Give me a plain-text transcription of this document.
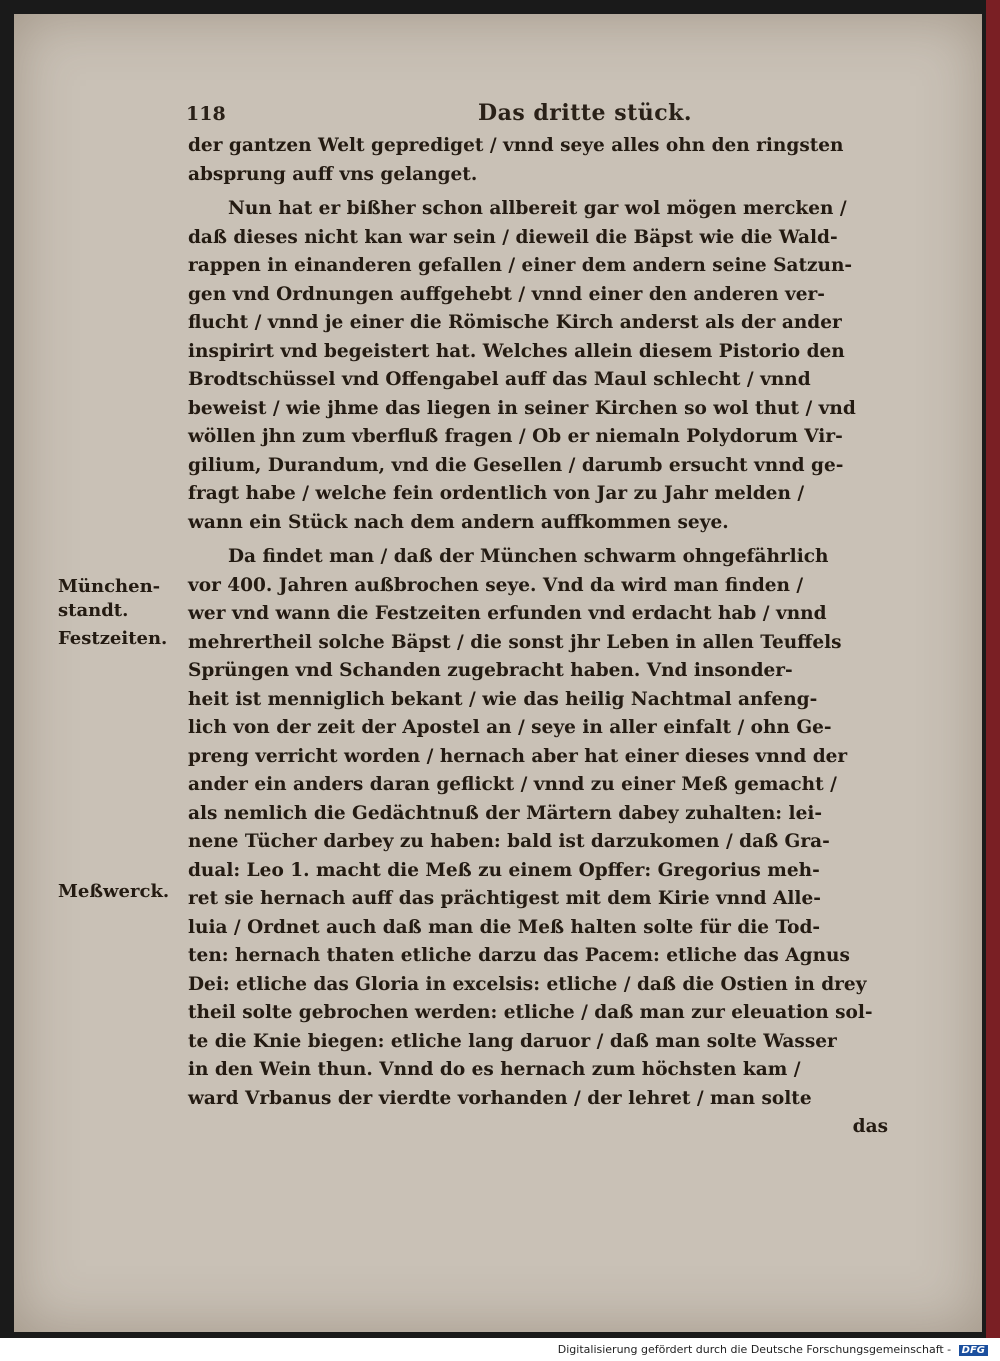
118	Das dritte stück.
der gantzen Welt geprediget / vnnd seye alles ohn den ringsten
absprung auff vns gelanget.
Nun hat er bißher schon allbereit gar wol mögen mercken /
daß dieses nicht kan war sein / dieweil die Bäpst wie die Wald-
rappen in einanderen gefallen / einer dem andern seine Satzun-
gen vnd Ordnungen auffgehebt / vnnd einer den anderen ver-
flucht / vnnd je einer die Römische Kirch anderst als der ander
inspirirt vnd begeistert hat. Welches allein diesem Pistorio den
Brodtschüssel vnd Offengabel auff das Maul schlecht / vnnd
beweist / wie jhme das liegen in seiner Kirchen so wol thut / vnd
wöllen jhn zum vberfluß fragen / Ob er niemaln Polydorum Vir-
gilium, Durandum, vnd die Gesellen / darumb ersucht vnnd ge-
fragt habe / welche fein ordentlich von Jar zu Jahr melden /
wann ein Stück nach dem andern auffkommen seye.
Da findet man / daß der München schwarm ohngefährlich
vor 400. Jahren außbrochen seye. Vnd da wird man finden /
wer vnd wann die Festzeiten erfunden vnd erdacht hab / vnnd
mehrertheil solche Bäpst / die sonst jhr Leben in allen Teuffels
Sprüngen vnd Schanden zugebracht haben. Vnd insonder-
heit ist menniglich bekant / wie das heilig Nachtmal anfeng-
lich von der zeit der Apostel an / seye in aller einfalt / ohn Ge-
preng verricht worden / hernach aber hat einer dieses vnnd der
ander ein anders daran geflickt / vnnd zu einer Meß gemacht /
als nemlich die Gedächtnuß der Märtern dabey zuhalten: lei-
nene Tücher darbey zu haben: bald ist darzukomen / daß Gra-
dual: Leo 1. macht die Meß zu einem Opffer: Gregorius meh-
ret sie hernach auff das prächtigest mit dem Kirie vnnd Alle-
luia / Ordnet auch daß man die Meß halten solte für die Tod-
ten: hernach thaten etliche darzu das Pacem: etliche das Agnus
Dei: etliche das Gloria in excelsis: etliche / daß die Ostien in drey
theil solte gebrochen werden: etliche / daß man zur eleuation sol-
te die Knie biegen: etliche lang daruor / daß man solte Wasser
in den Wein thun. Vnnd do es hernach zum höchsten kam /
ward Vrbanus der vierdte vorhanden / der lehret / man solte
das
München-
standt.
Festzeiten.
Meßwerck.
Digitalisierung gefördert durch die Deutsche Forschungsgemeinschaft - DFG
